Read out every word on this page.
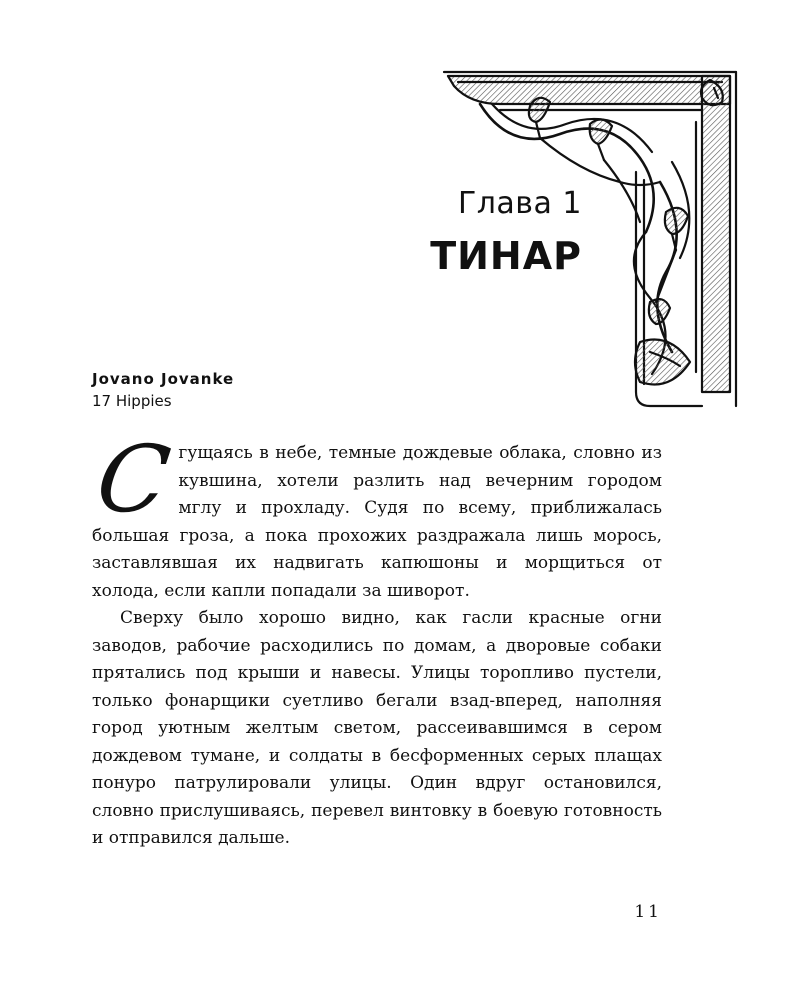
Глава 1
ТИНАР
Jovano Jovanke
17 Hippies

Сгущаясь в небе, темные дождевые облака, словно из кувшина, хотели разлить над вечерним городом мглу и прохладу. Судя по всему, приближалась большая гроза, а пока прохожих раздражала лишь морось, заставлявшая их надвигать капюшоны и морщиться от холода, если капли попадали за шиворот.

Сверху было хорошо видно, как гасли красные огни заводов, рабочие расходились по домам, а дворовые собаки прятались под крыши и навесы. Улицы торопливо пустели, только фонарщики суетливо бегали взад-вперед, наполняя город уютным желтым светом, рассеивавшимся в сером дождевом тумане, и солдаты в бесформенных серых плащах понуро патрулировали улицы. Один вдруг остановился, словно прислушиваясь, перевел винтовку в боевую готовность и отправился дальше.

11
